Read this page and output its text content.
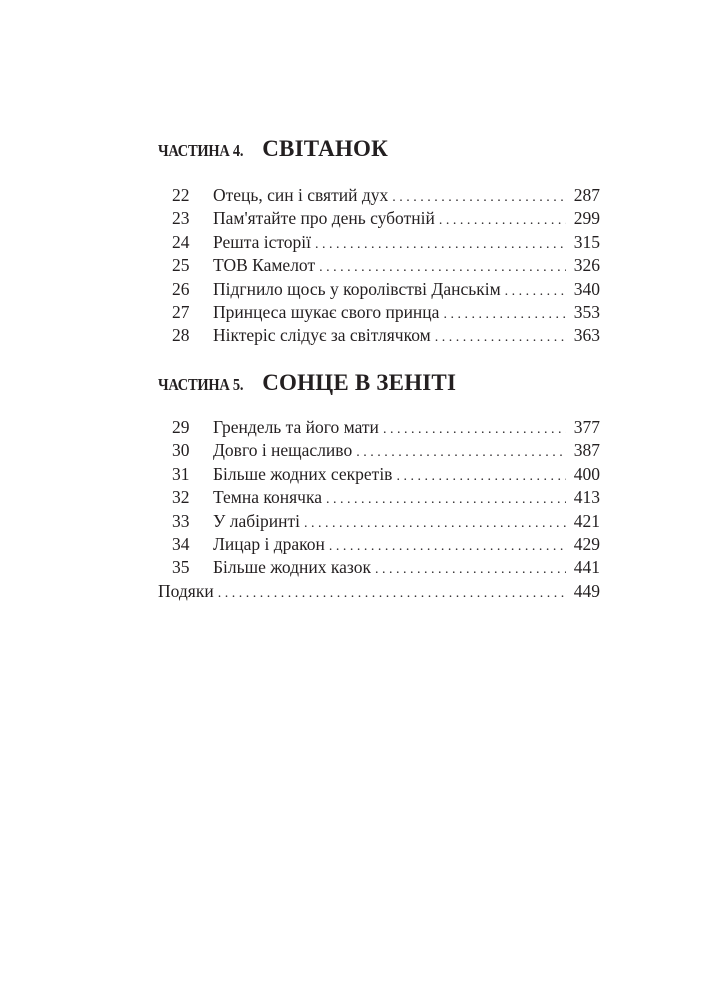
ЧАСТИНА 4. СВІТАНОК
22	Отець, син і святий дух . . .	287
23	Пам'ятайте про день суботній . . .	299
24	Решта історії . . .	315
25	ТОВ Камелот . . .	326
26	Підгнило щось у королівстві Данськім . . .	340
27	Принцеса шукає свого принца . . .	353
28	Ніктеріс слідує за світлячком . . .	363
ЧАСТИНА 5. СОНЦЕ В ЗЕНІТІ
29	Грендель та його мати . . .	377
30	Довго і нещасливо . . .	387
31	Більше жодних секретів . . .	400
32	Темна конячка . . .	413
33	У лабіринті . . .	421
34	Лицар і дракон . . .	429
35	Більше жодних казок . . .	441
Подяки . . .	449
